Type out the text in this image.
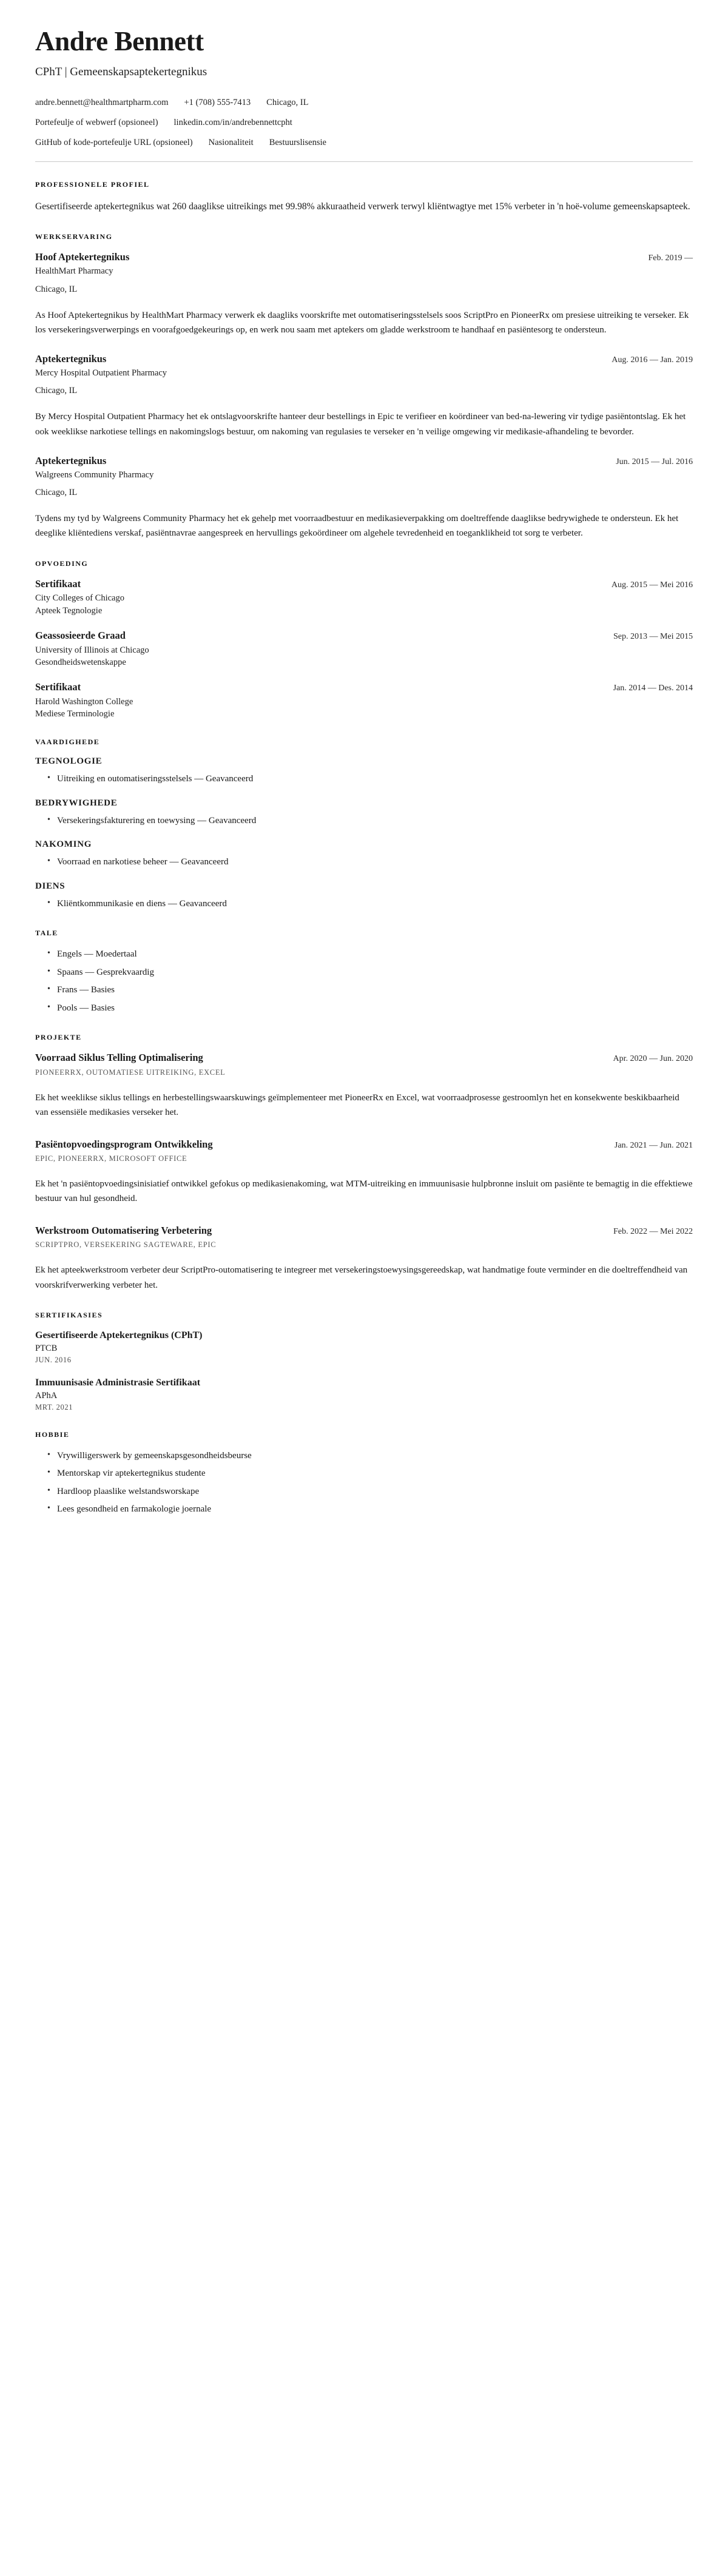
Andre Bennett
CPhT | Gemeenskapsaptekertegnikus
andre.bennett@healthmartpharm.com +1 (708) 555-7413 Chicago, IL
Portefeulje of webwerf (opsioneel) linkedin.com/in/andrebennettcpht
GitHub of kode-portefeulje URL (opsioneel) Nasionaliteit Bestuurslisensie
PROFESSIONELE PROFIEL

Gesertifiseerde aptekertegnikus wat 260 daaglikse uitreikings met 99.98% akkuraatheid verwerk terwyl kliëntwagtye met 15% verbeter in 'n hoë-volume gemeenskapsapteek.

WERKSERVARING
Hoof Aptekertegnikus	Feb. 2019 —
HealthMart Pharmacy
Chicago, IL

As Hoof Aptekertegnikus by HealthMart Pharmacy verwerk ek daagliks voorskrifte met outomatiseringsstelsels soos ScriptPro en PioneerRx om presiese uitreiking te verseker. Ek los versekeringsverwerpings en voorafgoedgekeurings op, en werk nou saam met aptekers om gladde werkstroom te handhaaf en pasiëntesorg te ondersteun.

Aptekertegnikus	Aug. 2016 — Jan. 2019
Mercy Hospital Outpatient Pharmacy
Chicago, IL

By Mercy Hospital Outpatient Pharmacy het ek ontslagvoorskrifte hanteer deur bestellings in Epic te verifieer en koördineer van bed-na-lewering vir tydige pasiëntontslag. Ek het ook weeklikse narkotiese tellings en nakomingslogs bestuur, om nakoming van regulasies te verseker en 'n veilige omgewing vir medikasie-afhandeling te bevorder.

Aptekertegnikus	Jun. 2015 — Jul. 2016
Walgreens Community Pharmacy
Chicago, IL

Tydens my tyd by Walgreens Community Pharmacy het ek gehelp met voorraadbestuur en medikasieverpakking om doeltreffende daaglikse bedrywighede te ondersteun. Ek het deeglike kliëntediens verskaf, pasiëntnavrae aangespreek en hervullings gekoördineer om algehele tevredenheid en toeganklikheid tot sorg te verbeter.

OPVOEDING
Sertifikaat	Aug. 2015 — Mei 2016
City Colleges of Chicago
Apteek Tegnologie
Geassosieerde Graad	Sep. 2013 — Mei 2015
University of Illinois at Chicago
Gesondheidswetenskappe
Sertifikaat	Jan. 2014 — Des. 2014
Harold Washington College
Mediese Terminologie
VAARDIGHEDE
TEGNOLOGIE
• Uitreiking en outomatiseringsstelsels — Geavanceerd
BEDRYWIGHEDE
• Versekeringsfakturering en toewysing — Geavanceerd
NAKOMING
• Voorraad en narkotiese beheer — Geavanceerd
DIENS
• Kliëntkommunikasie en diens — Geavanceerd
TALE
• Engels — Moedertaal
• Spaans — Gesprekvaardig
• Frans — Basies
• Pools — Basies
PROJEKTE
Voorraad Siklus Telling Optimalisering	Apr. 2020 — Jun. 2020
PIONEERRX, OUTOMATIESE UITREIKING, EXCEL

Ek het weeklikse siklus tellings en herbestellingswaarskuwings geïmplementeer met PioneerRx en Excel, wat voorraadprosesse gestroomlyn het en konsekwente beskikbaarheid van essensiële medikasies verseker het.

Pasiëntopvoedingsprogram Ontwikkeling	Jan. 2021 — Jun. 2021
EPIC, PIONEERRX, MICROSOFT OFFICE

Ek het 'n pasiëntopvoedingsinisiatief ontwikkel gefokus op medikasienakoming, wat MTM-uitreiking en immuunisasie hulpbronne insluit om pasiënte te bemagtig in die effektiewe bestuur van hul gesondheid.

Werkstroom Outomatisering Verbetering	Feb. 2022 — Mei 2022
SCRIPTPRO, VERSEKERING SAGTEWARE, EPIC

Ek het apteekwerkstroom verbeter deur ScriptPro-outomatisering te integreer met versekeringstoewysingsgereedskap, wat handmatige foute verminder en die doeltreffendheid van voorskrifverwerking verbeter het.

SERTIFIKASIES
Gesertifiseerde Aptekertegnikus (CPhT)
PTCB
JUN. 2016
Immuunisasie Administrasie Sertifikaat
APhA
MRT. 2021
HOBBIE
• Vrywilligerswerk by gemeenskapsgesondheidsbeurse
• Mentorskap vir aptekertegnikus studente
• Hardloop plaaslike welstandsworskape
• Lees gesondheid en farmakologie joernale
